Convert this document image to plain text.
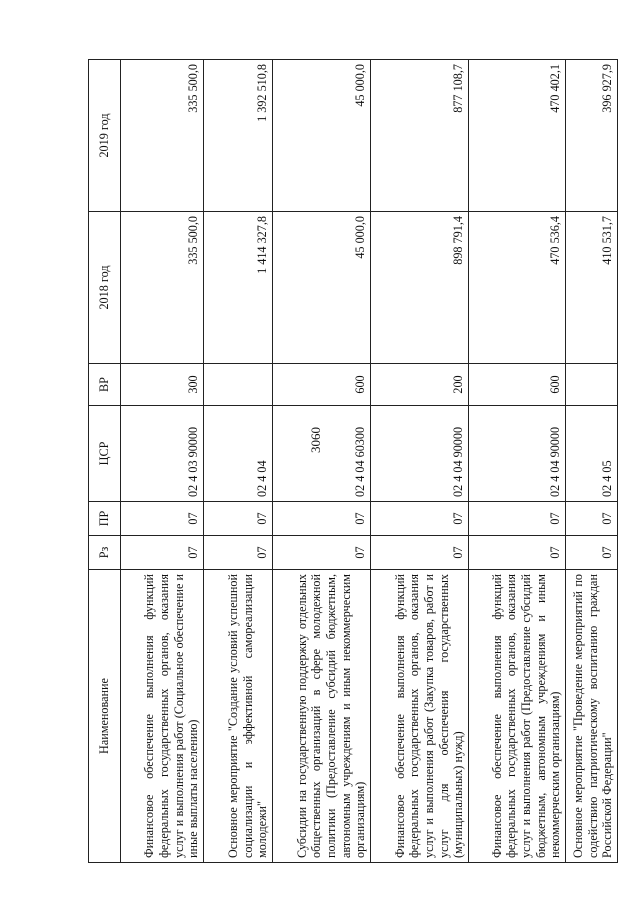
3060
Наименование	Рз	ПР	ЦСР	ВР	2018 год	2019 год
Финансовое обеспечение выполнения функций федеральных государственных органов, оказания услуг и выполнения работ (Социальное обеспечение и иные выплаты населению)	07	07	02 4 03 90000	300	335 500,0	335 500,0
Основное мероприятие "Создание условий успешной социализации и эффективной самореализации молодежи"	07	07	02 4 04		1 414 327,8	1 392 510,8
Субсидии на государственную поддержку отдельных общественных организаций в сфере молодежной политики (Предоставление субсидий бюджетным, автономным учреждениям и иным некоммерческим организациям)	07	07	02 4 04 60300	600	45 000,0	45 000,0
Финансовое обеспечение выполнения функций федеральных государственных органов, оказания услуг и выполнения работ (Закупка товаров, работ и услуг для обеспечения государственных (муниципальных) нужд)	07	07	02 4 04 90000	200	898 791,4	877 108,7
Финансовое обеспечение выполнения функций федеральных государственных органов, оказания услуг и выполнения работ (Предоставление субсидий бюджетным, автономным учреждениям и иным некоммерческим организациям)	07	07	02 4 04 90000	600	470 536,4	470 402,1
Основное мероприятие "Проведение мероприятий по содействию патриотическому воспитанию граждан Российской Федерации"	07	07	02 4 05		410 531,7	396 927,9
